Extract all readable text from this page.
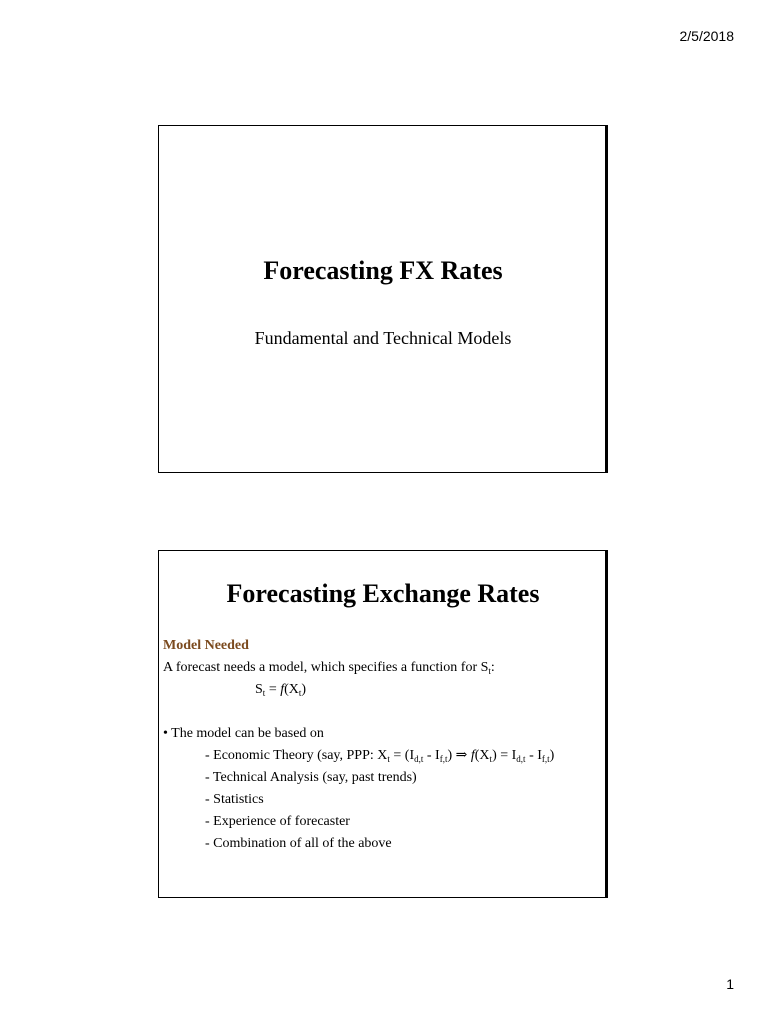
2/5/2018
Forecasting FX Rates
Fundamental and Technical Models
Forecasting Exchange Rates
Model Needed
A forecast needs a model, which specifies a function for $S_t$:
$S_t = f(X_t)$
• The model can be based on
- Economic Theory (say, PPP: $X_t = (I_{d,t} - I_{f,t})$ ⇒ $f(X_t) = I_{d,t} - I_{f,t}$)
- Technical Analysis (say, past trends)
- Statistics
- Experience of forecaster
- Combination of all of the above
1
